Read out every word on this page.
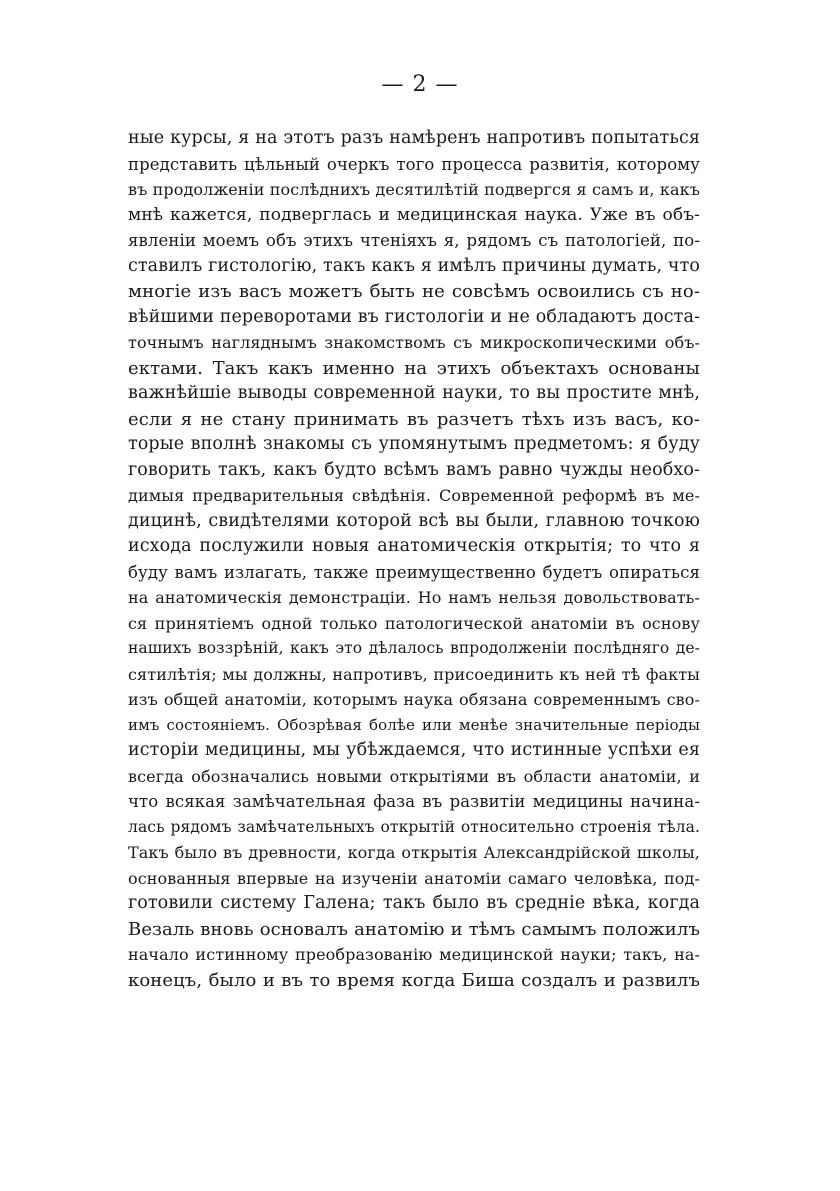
— 2 —
ные курсы, я на этотъ разъ намѣренъ напротивъ попытаться
представить цѣльный очеркъ того процесса развитія, которому
въ продолженіи послѣднихъ десятилѣтій подвергся я самъ и, какъ
мнѣ кажется, подверглась и медицинская наука. Уже въ объ-
явленіи моемъ объ этихъ чтеніяхъ я, рядомъ съ патологіей, по-
ставилъ гистологію, такъ какъ я имѣлъ причины думать, что
многіе изъ васъ можетъ быть не совсѣмъ освоились съ но-
вѣйшими переворотами въ гистологіи и не обладаютъ доста-
точнымъ нагляднымъ знакомствомъ съ микроскопическими объ-
ектами. Такъ какъ именно на этихъ объектахъ основаны
важнѣйшіе выводы современной науки, то вы простите мнѣ,
если я не стану принимать въ разчетъ тѣхъ изъ васъ, ко-
торые вполнѣ знакомы съ упомянутымъ предметомъ: я буду
говорить такъ, какъ будто всѣмъ вамъ равно чужды необхо-
димыя предварительныя свѣдѣнія. Современной реформѣ въ ме-
дицинѣ, свидѣтелями которой всѣ вы были, главною точкою
исхода послужили новыя анатомическія открытія; то что я
буду вамъ излагать, также преимущественно будетъ опираться
на анатомическія демонстраціи. Но намъ нельзя довольствовать-
ся принятіемъ одной только патологической анатоміи въ основу
нашихъ воззрѣній, какъ это дѣлалось впродолженіи послѣдняго де-
сятилѣтія; мы должны, напротивъ, присоединить къ ней тѣ факты
изъ общей анатоміи, которымъ наука обязана современнымъ сво-
имъ состояніемъ. Обозрѣвая болѣе или менѣе значительные періоды
исторіи медицины, мы убѣждаемся, что истинные успѣхи ея
всегда обозначались новыми открытіями въ области анатоміи, и
что всякая замѣчательная фаза въ развитіи медицины начина-
лась рядомъ замѣчательныхъ открытій относительно строенія тѣла.
Такъ было въ древности, когда открытія Александрійской школы,
основанныя впервые на изученіи анатоміи самаго человѣка, под-
готовили систему Галена; такъ было въ средніе вѣка, когда
Везаль вновь основалъ анатомію и тѣмъ самымъ положилъ
начало истинному преобразованію медицинской науки; такъ, на-
конецъ, было и въ то время когда Биша создалъ и развилъ
